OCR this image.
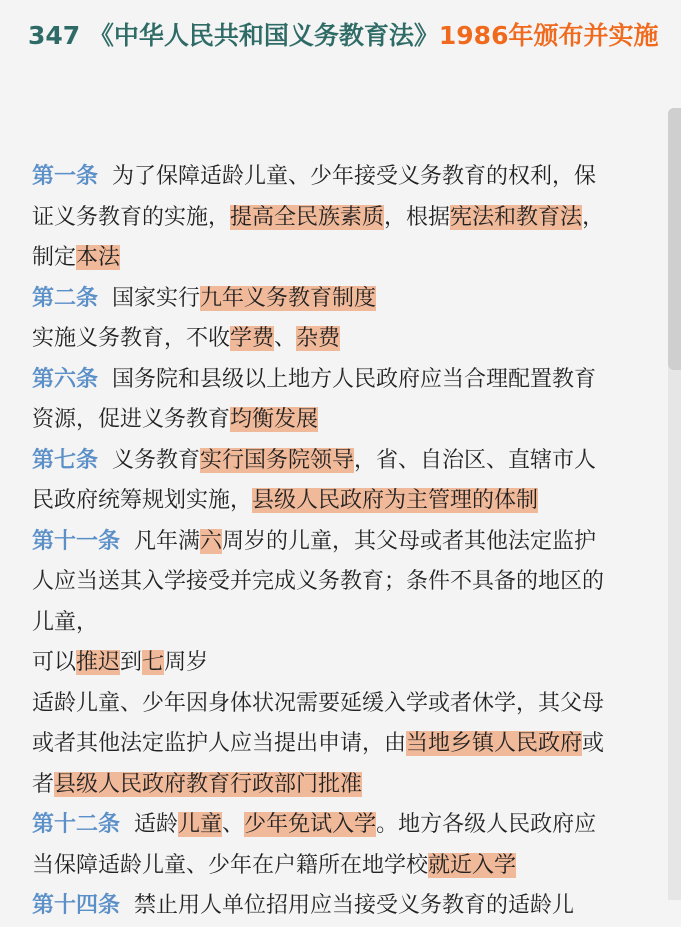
347 《中华人民共和国义务教育法》1986年颁布并实施
第一条 为了保障适龄儿童、少年接受义务教育的权利，保
证义务教育的实施，提高全民族素质，根据宪法和教育法，
制定本法
第二条 国家实行九年义务教育制度
实施义务教育，不收学费、杂费
第六条 国务院和县级以上地方人民政府应当合理配置教育
资源，促进义务教育均衡发展
第七条 义务教育实行国务院领导，省、自治区、直辖市人
民政府统筹规划实施，县级人民政府为主管理的体制
第十一条 凡年满六周岁的儿童，其父母或者其他法定监护
人应当送其入学接受并完成义务教育；条件不具备的地区的
儿童，
可以推迟到七周岁
适龄儿童、少年因身体状况需要延缓入学或者休学，其父母
或者其他法定监护人应当提出申请，由当地乡镇人民政府或
者县级人民政府教育行政部门批准
第十二条 适龄儿童、少年免试入学。地方各级人民政府应
当保障适龄儿童、少年在户籍所在地学校就近入学
第十四条 禁止用人单位招用应当接受义务教育的适龄儿
